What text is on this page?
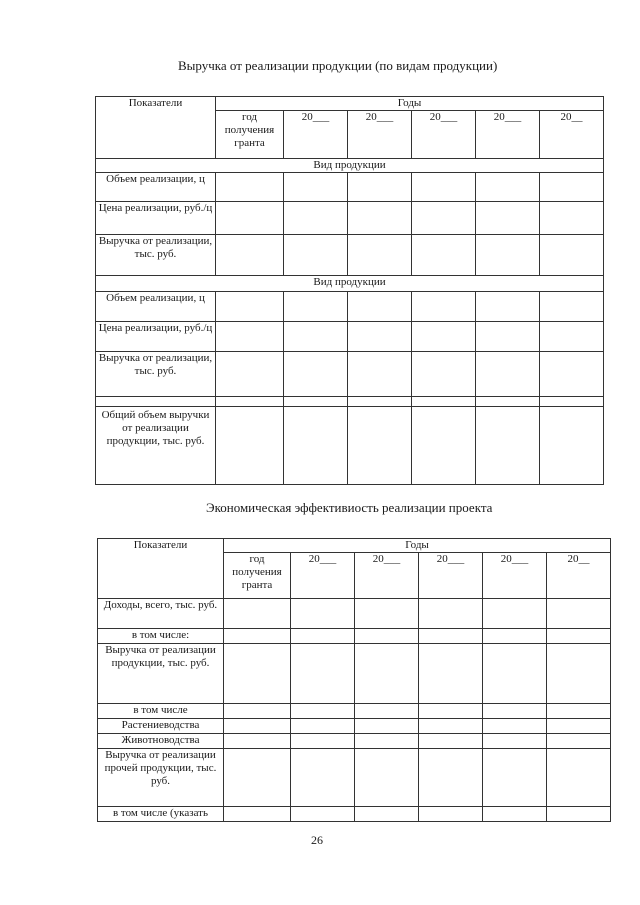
Выручка от реализации продукции (по видам продукции)
Показатели	Годы					
	год получения гранта	20___	20___	20___	20___	20__
Вид продукции						
Объем реализации, ц						
Цена реализации, руб./ц						
Выручка от реализации, тыс. руб.						
Вид продукции						
Объем реализации, ц						
Цена реализации, руб./ц						
Выручка от реализации, тыс. руб.						

Общий объем выручки от реализации продукции, тыс. руб.						
Экономическая эффективиость реализации проекта
Показатели	Годы					
	год получения гранта	20___	20___	20___	20___	20__
Доходы, всего, тыс. руб.						
в том числе:						
Выручка от реализации продукции, тыс. руб.						
в том числе						
Растениеводства						
Животноводства						
Выручка от реализации прочей продукции, тыс. руб.						
в том числе (указать						
26
